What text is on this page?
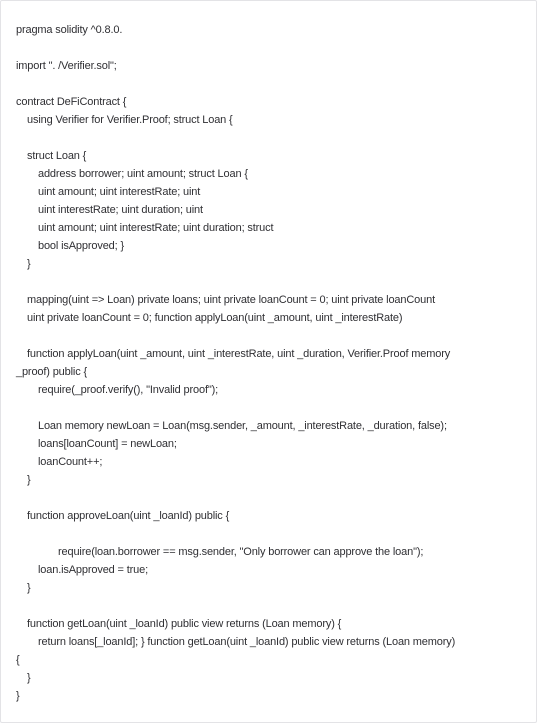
pragma solidity ^0.8.0.
import ". /Verifier.sol";
contract DeFiContract {
using Verifier for Verifier.Proof; struct Loan {
struct Loan {
address borrower; uint amount; struct Loan {
uint amount; uint interestRate; uint
uint interestRate; uint duration; uint
uint amount; uint interestRate; uint duration; struct
bool isApproved; }
}
mapping(uint => Loan) private loans; uint private loanCount = 0; uint private loanCount
uint private loanCount = 0; function applyLoan(uint _amount, uint _interestRate)
function applyLoan(uint _amount, uint _interestRate, uint _duration, Verifier.Proof memory
_proof) public {
require(_proof.verify(), "Invalid proof");
Loan memory newLoan = Loan(msg.sender, _amount, _interestRate, _duration, false);
loans[loanCount] = newLoan;
loanCount++;
}
function approveLoan(uint _loanId) public {
require(loan.borrower == msg.sender, "Only borrower can approve the loan");
loan.isApproved = true;
}
function getLoan(uint _loanId) public view returns (Loan memory) {
return loans[_loanId]; } function getLoan(uint _loanId) public view returns (Loan memory)
{
}
}
